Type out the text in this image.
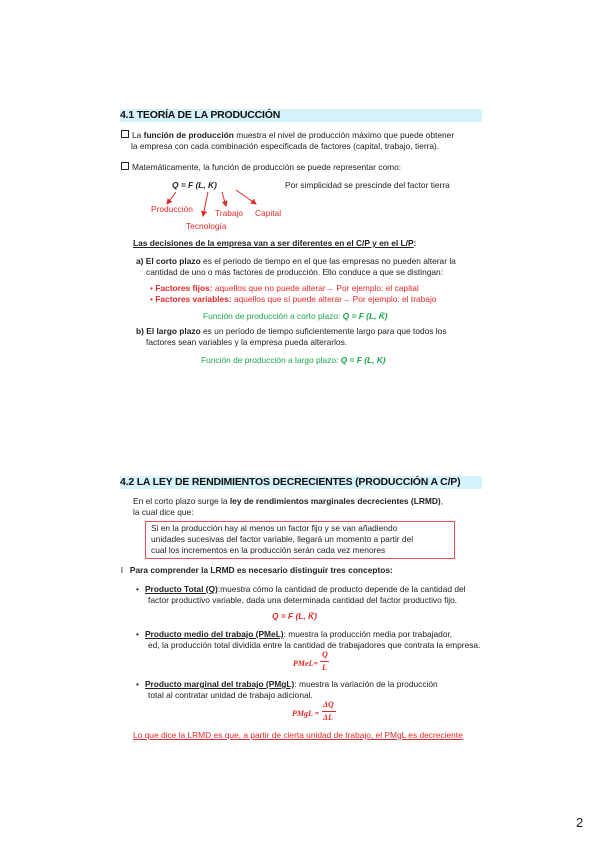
4.1 TEORÍA DE LA PRODUCCIÓN
La función de producción muestra el nivel de producción máximo que puede obtener
la empresa con cada combinación especificada de factores (capital, trabajo, tierra).
Matemáticamente, la función de producción se puede representar como:
Q = F (L, K)	Por simplicidad se prescinde del factor tierra
Producción	Trabajo Capital
Tecnología
Las decisiones de la empresa van a ser diferentes en el C/P y en el L/P:
a) El corto plazo es el periodo de tiempo en el que las empresas no pueden alterar la
cantidad de uno o más factores de producción. Ello conduce a que se distingan:
• Factores fijos: aquellos que no puede alterar→ Por ejemplo: el capital
• Factores variables: aquellos que sí puede alterar→ Por ejemplo: el trabajo
Función de producción a corto plazo: Q = F (L, K̄)
b) El largo plazo es un período de tiempo suficientemente largo para que todos los
factores sean variables y la empresa pueda alterarlos.
Función de producción a largo plazo: Q = F (L, K)
4.2 LA LEY DE RENDIMIENTOS DECRECIENTES (PRODUCCIÓN A C/P)
En el corto plazo surge la ley de rendimientos marginales decrecientes (LRMD),
la cual dice que:
Si en la producción hay al menos un factor fijo y se van añadiendo
unidades sucesivas del factor variable, llegará un momento a partir del
cual los incrementos en la producción serán cada vez menores
l Para comprender la LRMD es necesario distinguir tres conceptos:
• Producto Total (Q):muestra cómo la cantidad de producto depende de la cantidad del
factor productivo variable, dada una determinada cantidad del factor productivo fijo.
Q = F (L, K̄)
• Producto medio del trabajo (PMeL): muestra la producción media por trabajador,
ed, la producción total dividida entre la cantidad de trabajadores que contrata la empresa.
PMeL=
Q
L
• Producto marginal del trabajo (PMgL): muestra la variación de la producción
total al contratar unidad de trabajo adicional.
PMgL =
ΔQ
ΔL
Lo que dice la LRMD es que, a partir de cierta unidad de trabajo, el PMgL es decreciente
2
